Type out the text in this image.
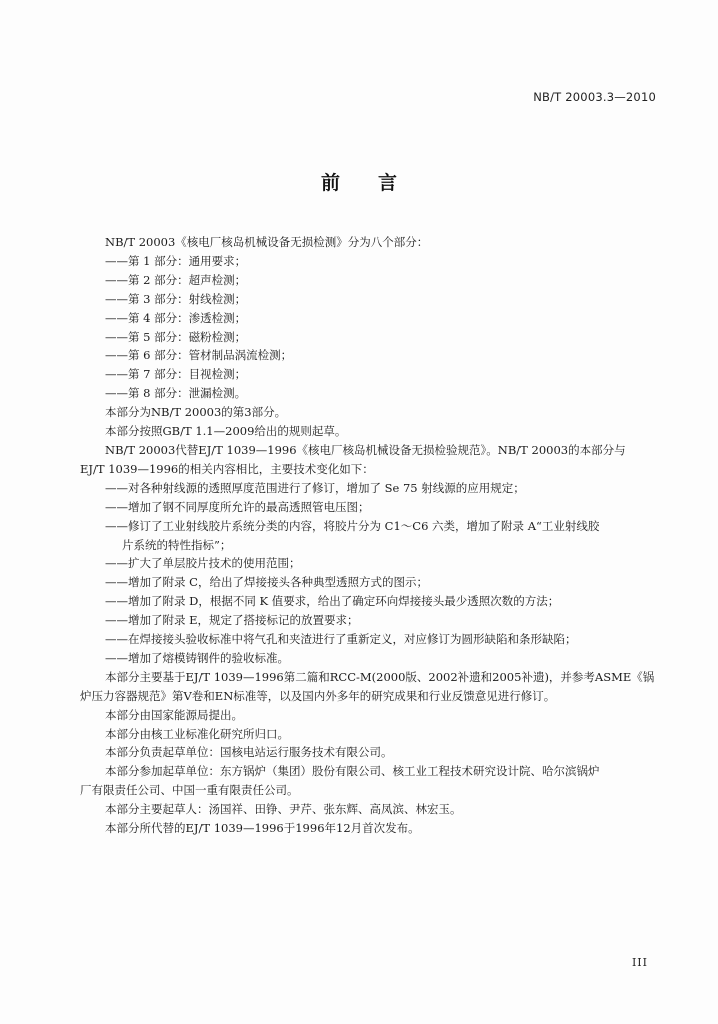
NB/T 20003.3—2010
前言
NB/T 20003《核电厂核岛机械设备无损检测》分为八个部分：
——第 1 部分：通用要求；
——第 2 部分：超声检测；
——第 3 部分：射线检测；
——第 4 部分：渗透检测；
——第 5 部分：磁粉检测；
——第 6 部分：管材制品涡流检测；
——第 7 部分：目视检测；
——第 8 部分：泄漏检测。
本部分为NB/T 20003的第3部分。
本部分按照GB/T 1.1—2009给出的规则起草。
NB/T 20003代替EJ/T 1039—1996《核电厂核岛机械设备无损检验规范》。NB/T 20003的本部分与
EJ/T 1039—1996的相关内容相比，主要技术变化如下：
——对各种射线源的透照厚度范围进行了修订，增加了 Se 75 射线源的应用规定；
——增加了钢不同厚度所允许的最高透照管电压图；
——修订了工业射线胶片系统分类的内容，将胶片分为 C1～C6 六类，增加了附录 A“工业射线胶
片系统的特性指标”；
——扩大了单层胶片技术的使用范围；
——增加了附录 C，给出了焊接接头各种典型透照方式的图示；
——增加了附录 D，根据不同 K 值要求，给出了确定环向焊接接头最少透照次数的方法；
——增加了附录 E，规定了搭接标记的放置要求；
——在焊接接头验收标准中将气孔和夹渣进行了重新定义，对应修订为圆形缺陷和条形缺陷；
——增加了熔模铸钢件的验收标准。
本部分主要基于EJ/T 1039—1996第二篇和RCC-M(2000版、2002补遗和2005补遗)，并参考ASME《锅
炉压力容器规范》第V卷和EN标准等，以及国内外多年的研究成果和行业反馈意见进行修订。
本部分由国家能源局提出。
本部分由核工业标准化研究所归口。
本部分负责起草单位：国核电站运行服务技术有限公司。
本部分参加起草单位：东方锅炉（集团）股份有限公司、核工业工程技术研究设计院、哈尔滨锅炉
厂有限责任公司、中国一重有限责任公司。
本部分主要起草人：汤国祥、田铮、尹芹、张东辉、高凤滨、林宏玉。
本部分所代替的EJ/T 1039—1996于1996年12月首次发布。
III
